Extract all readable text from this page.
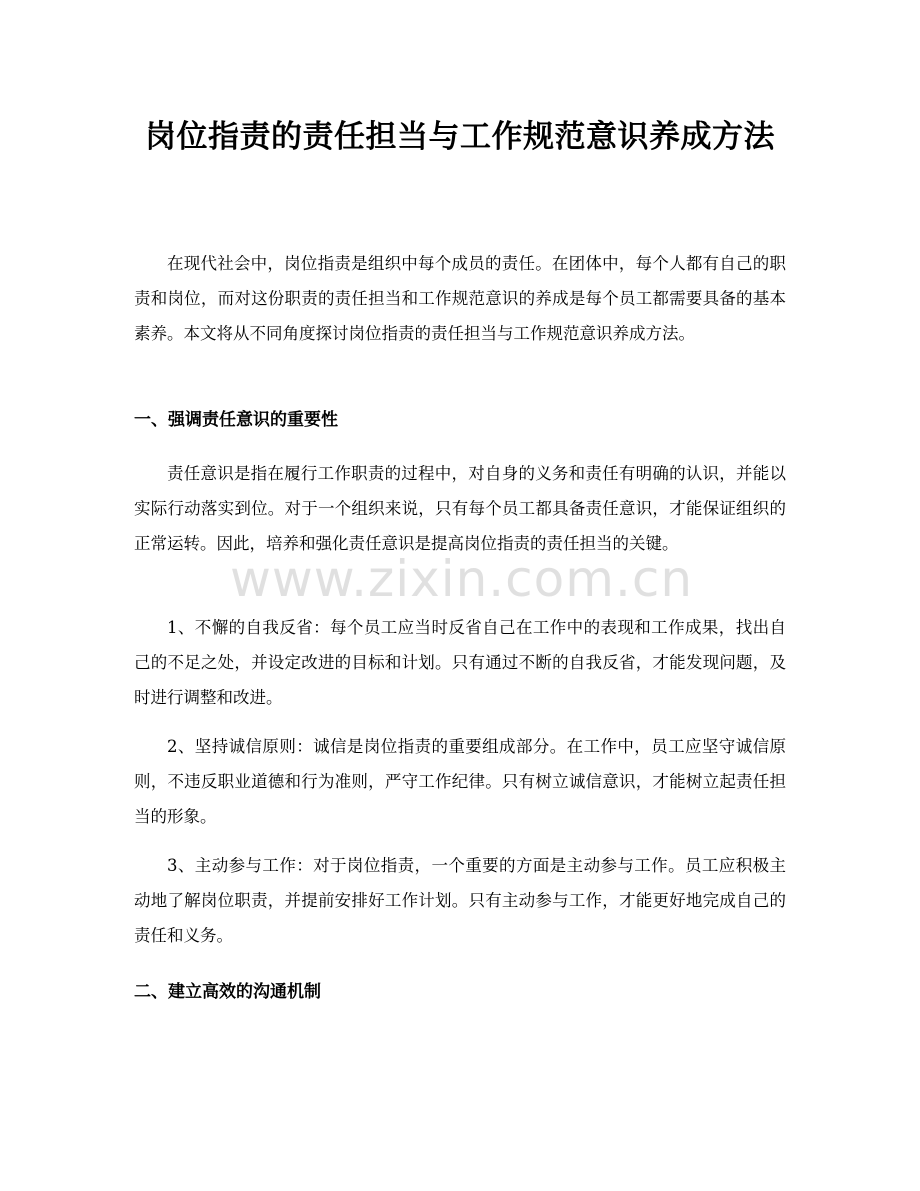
岗位指责的责任担当与工作规范意识养成方法

在现代社会中，岗位指责是组织中每个成员的责任。在团体中，每个人都有自己的职责和岗位，而对这份职责的责任担当和工作规范意识的养成是每个员工都需要具备的基本素养。本文将从不同角度探讨岗位指责的责任担当与工作规范意识养成方法。

一、强调责任意识的重要性

责任意识是指在履行工作职责的过程中，对自身的义务和责任有明确的认识，并能以实际行动落实到位。对于一个组织来说，只有每个员工都具备责任意识，才能保证组织的正常运转。因此，培养和强化责任意识是提高岗位指责的责任担当的关键。

1、不懈的自我反省：每个员工应当时反省自己在工作中的表现和工作成果，找出自己的不足之处，并设定改进的目标和计划。只有通过不断的自我反省，才能发现问题，及时进行调整和改进。

2、坚持诚信原则：诚信是岗位指责的重要组成部分。在工作中，员工应坚守诚信原则，不违反职业道德和行为准则，严守工作纪律。只有树立诚信意识，才能树立起责任担当的形象。

3、主动参与工作：对于岗位指责，一个重要的方面是主动参与工作。员工应积极主动地了解岗位职责，并提前安排好工作计划。只有主动参与工作，才能更好地完成自己的责任和义务。

二、建立高效的沟通机制
www.zixin.com.cn
